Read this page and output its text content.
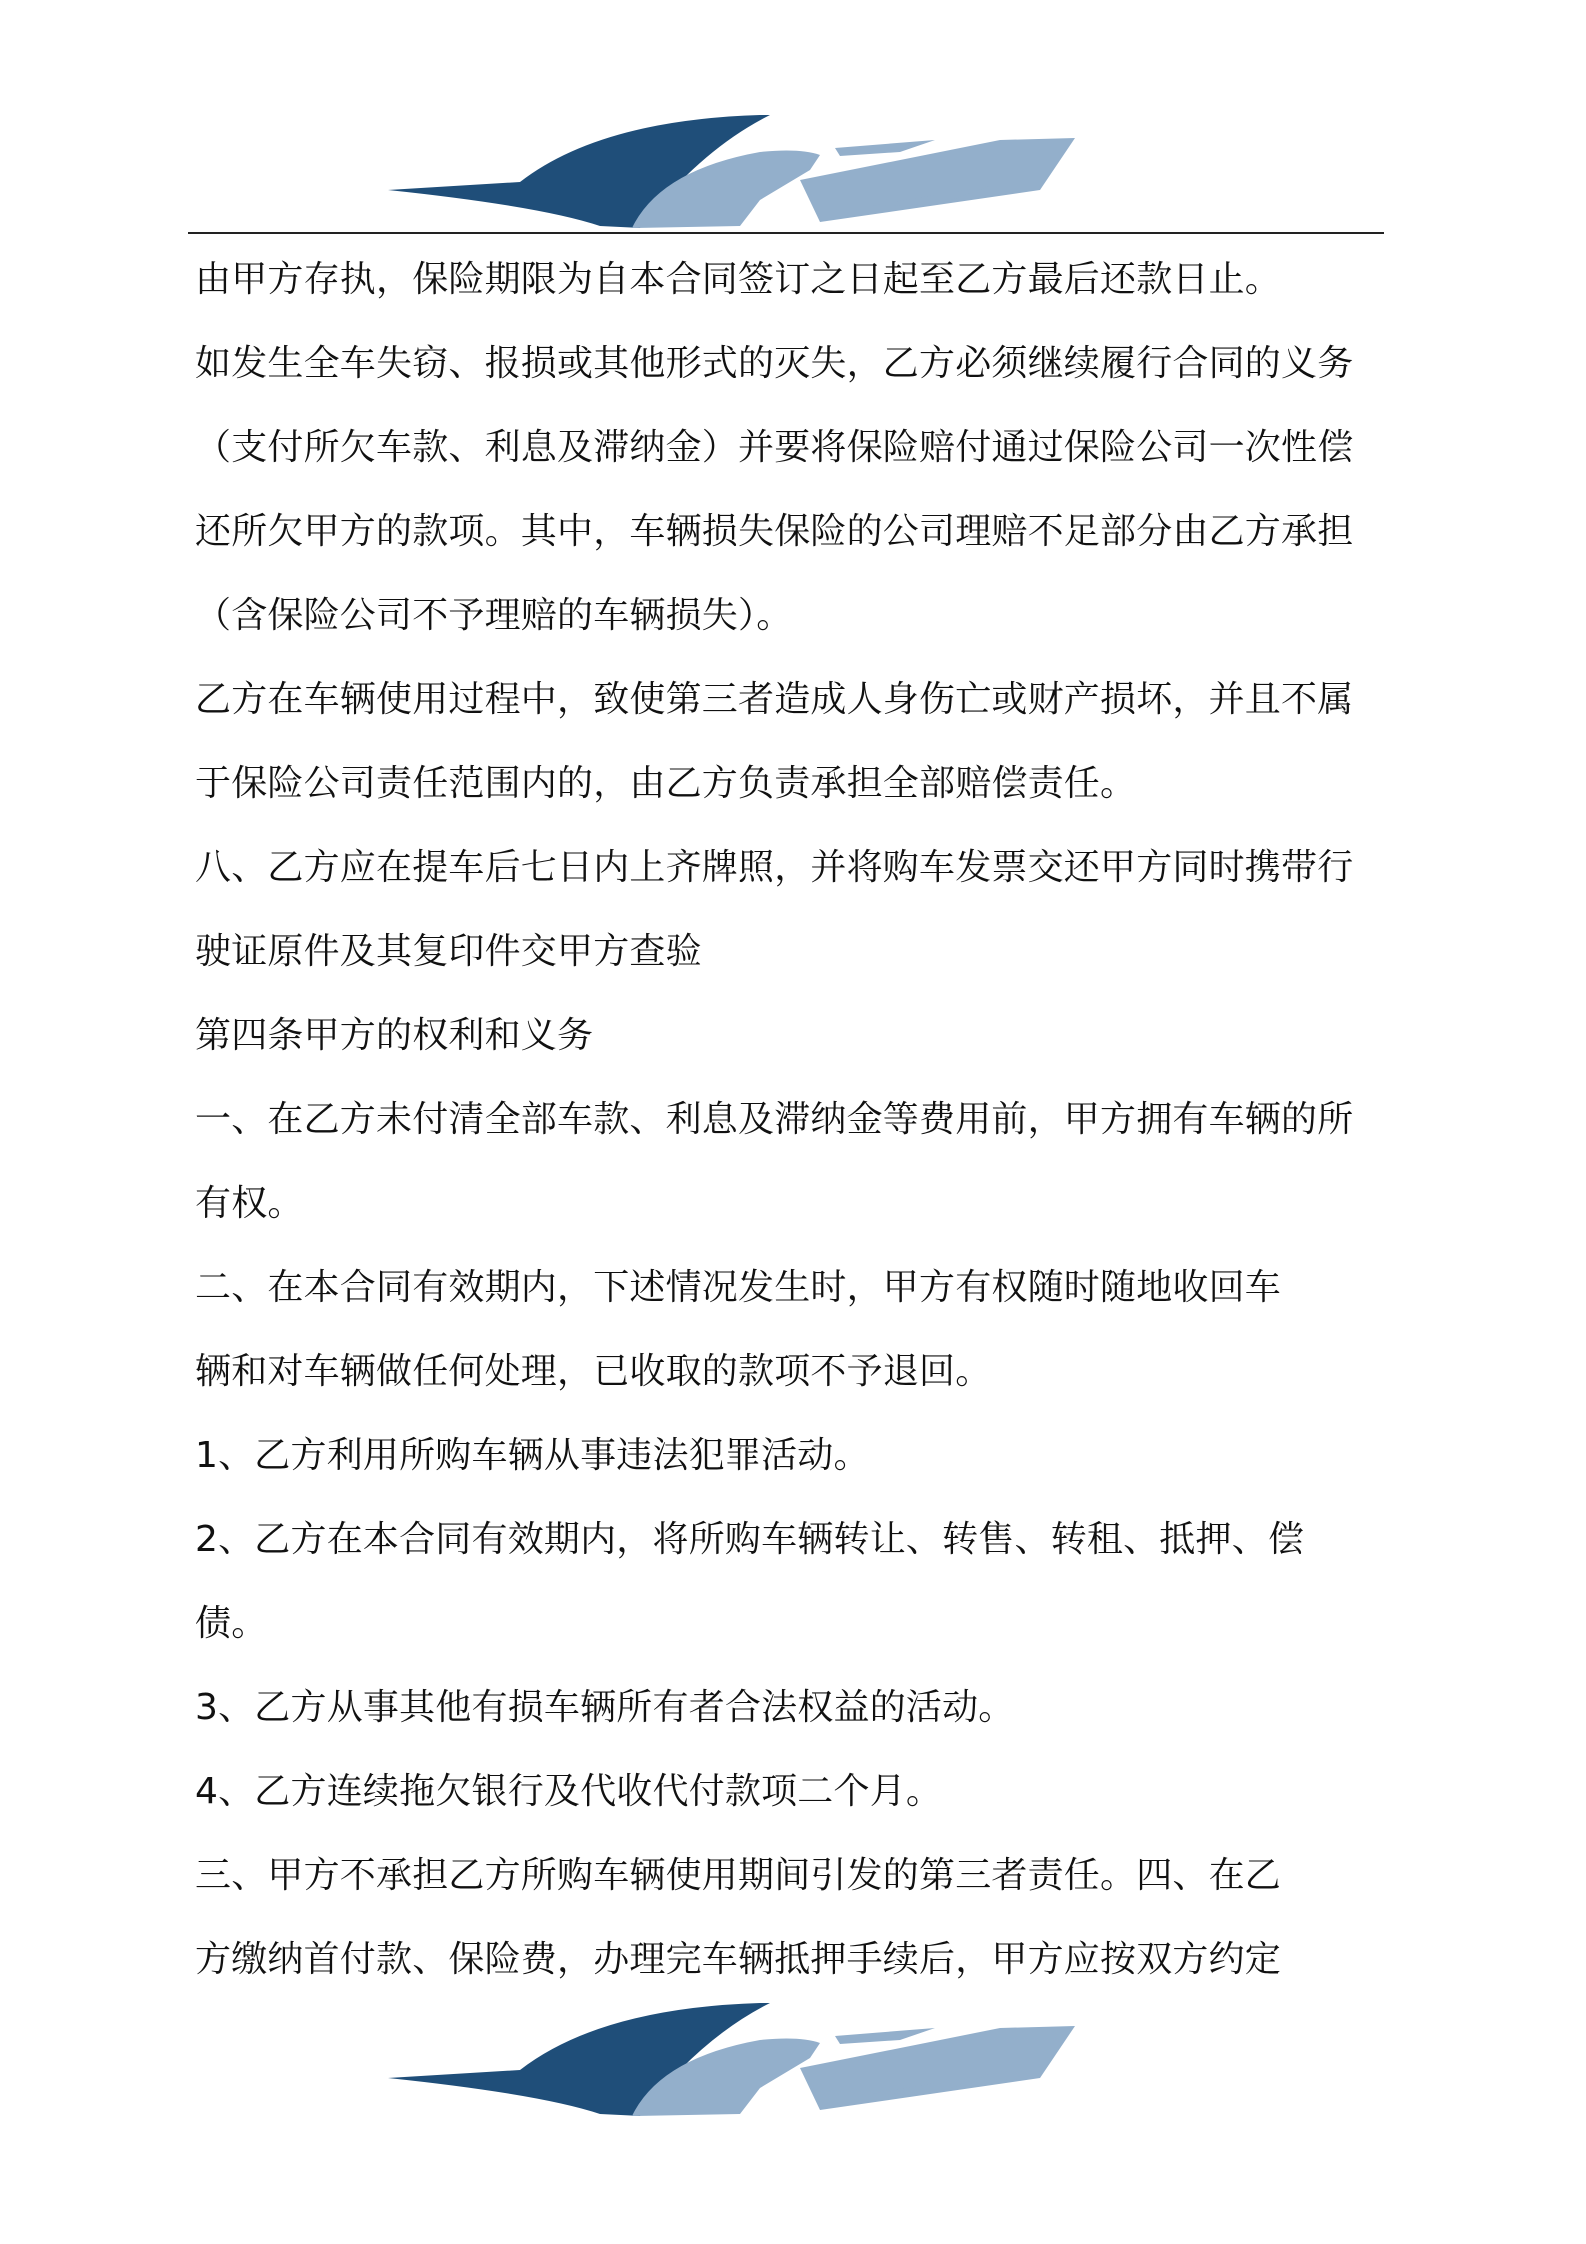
由甲方存执，保险期限为自本合同签订之日起至乙方最后还款日止。
如发生全车失窃、报损或其他形式的灭失，乙方必须继续履行合同的义务
（支付所欠车款、利息及滞纳金）并要将保险赔付通过保险公司一次性偿
还所欠甲方的款项。其中，车辆损失保险的公司理赔不足部分由乙方承担
（含保险公司不予理赔的车辆损失）。
乙方在车辆使用过程中，致使第三者造成人身伤亡或财产损坏，并且不属
于保险公司责任范围内的，由乙方负责承担全部赔偿责任。
八、乙方应在提车后七日内上齐牌照，并将购车发票交还甲方同时携带行
驶证原件及其复印件交甲方查验
第四条甲方的权利和义务
一、在乙方未付清全部车款、利息及滞纳金等费用前，甲方拥有车辆的所
有权。
二、在本合同有效期内，下述情况发生时，甲方有权随时随地收回车
辆和对车辆做任何处理，已收取的款项不予退回。
1、乙方利用所购车辆从事违法犯罪活动。
2、乙方在本合同有效期内，将所购车辆转让、转售、转租、抵押、偿
债。
3、乙方从事其他有损车辆所有者合法权益的活动。
4、乙方连续拖欠银行及代收代付款项二个月。
三、甲方不承担乙方所购车辆使用期间引发的第三者责任。四、在乙
方缴纳首付款、保险费，办理完车辆抵押手续后，甲方应按双方约定
